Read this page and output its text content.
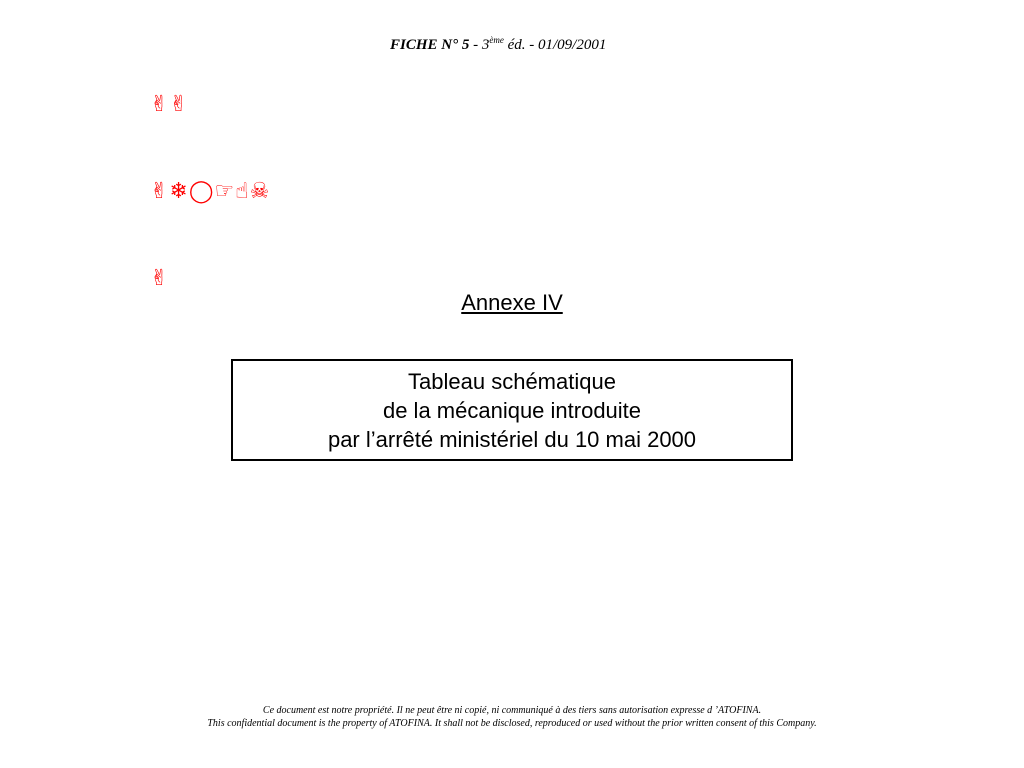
✌✌

✌❄◯☞☝☠

✌

FICHE N° 5 - 3ème éd. - 01/09/2001
Annexe IV
Tableau schématique
de la mécanique introduite
par l’arrêté ministériel du 10 mai 2000
Ce document est notre propriété. Il ne peut être ni copié, ni communiqué à des tiers sans autorisation expresse d ’ATOFINA.
This confidential document is the property of ATOFINA. It shall not be disclosed, reproduced or used without the prior written consent of this Company.
